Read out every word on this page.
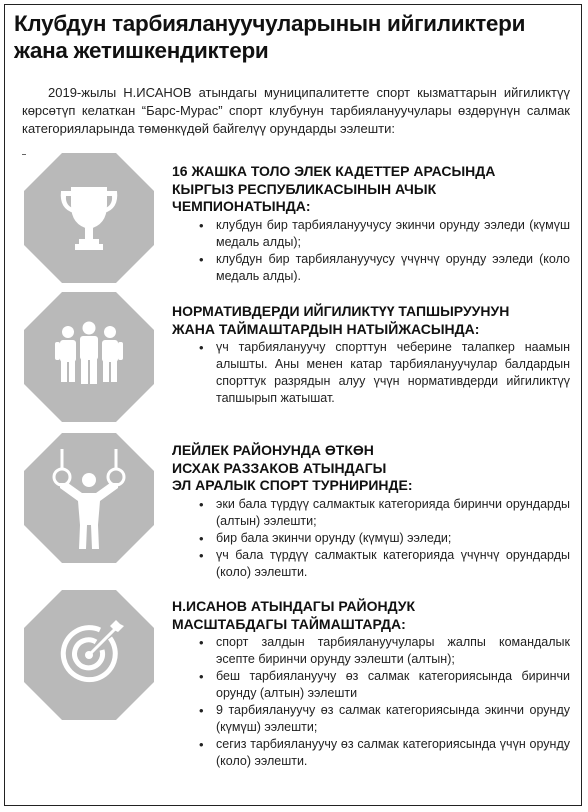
Клубдун тарбиялануучуларынын ийгиликтери жана жетишкендиктери

2019-жылы Н.ИСАНОВ атындагы муниципалитетте спорт кызматтарын ийгиликтүү көрсөтүп келаткан “Барс-Мурас” спорт клубунун тарбиялануучулары өздөрүнүн салмак категорияларында төмөнкүдөй байгелүү орундарды ээлешти:

16 ЖАШКА ТОЛО ЭЛЕК КАДЕТТЕР АРАСЫНДА
КЫРГЫЗ РЕСПУБЛИКАСЫНЫН АЧЫК
ЧЕМПИОНАТЫНДА:
• клубдун бир тарбиялануучусу экинчи орунду ээледи (күмүш медаль алды);
• клубдун бир тарбиялануучусу үчүнчү орунду ээледи (коло медаль алды).
НОРМАТИВДЕРДИ ИЙГИЛИКТҮҮ ТАПШЫРУУНУН
ЖАНА ТАЙМАШТАРДЫН НАТЫЙЖАСЫНДА:
• үч тарбиялануучу спорттун чеберине талапкер наамын алышты. Аны менен катар тарбиялануучулар балдардын спорттук разрядын алуу үчүн нормативдерди ийгиликтүү тапшырып жатышат.
ЛЕЙЛЕК РАЙОНУНДА ӨТКӨН
ИСХАК РАЗЗАКОВ АТЫНДАГЫ
ЭЛ АРАЛЫК СПОРТ ТУРНИРИНДЕ:
• эки бала түрдүү салмактык категорияда биринчи орундарды (алтын) ээлешти;
• бир бала экинчи орунду (күмүш) ээледи;
• үч бала түрдүү салмактык категорияда үчүнчү орундарды (коло) ээлешти.
Н.ИСАНОВ АТЫНДАГЫ РАЙОНДУК
МАСШТАБДАГЫ ТАЙМАШТАРДА:
• спорт залдын тарбиялануучулары жалпы командалык эсепте биринчи орунду ээлешти (алтын);
• беш тарбиялануучу өз салмак категориясында биринчи орунду (алтын) ээлешти
• 9 тарбиялануучу өз салмак категориясында экинчи орунду (күмүш) ээлешти;
• сегиз тарбиялануучу өз салмак категориясында үчүн орунду (коло) ээлешти.
